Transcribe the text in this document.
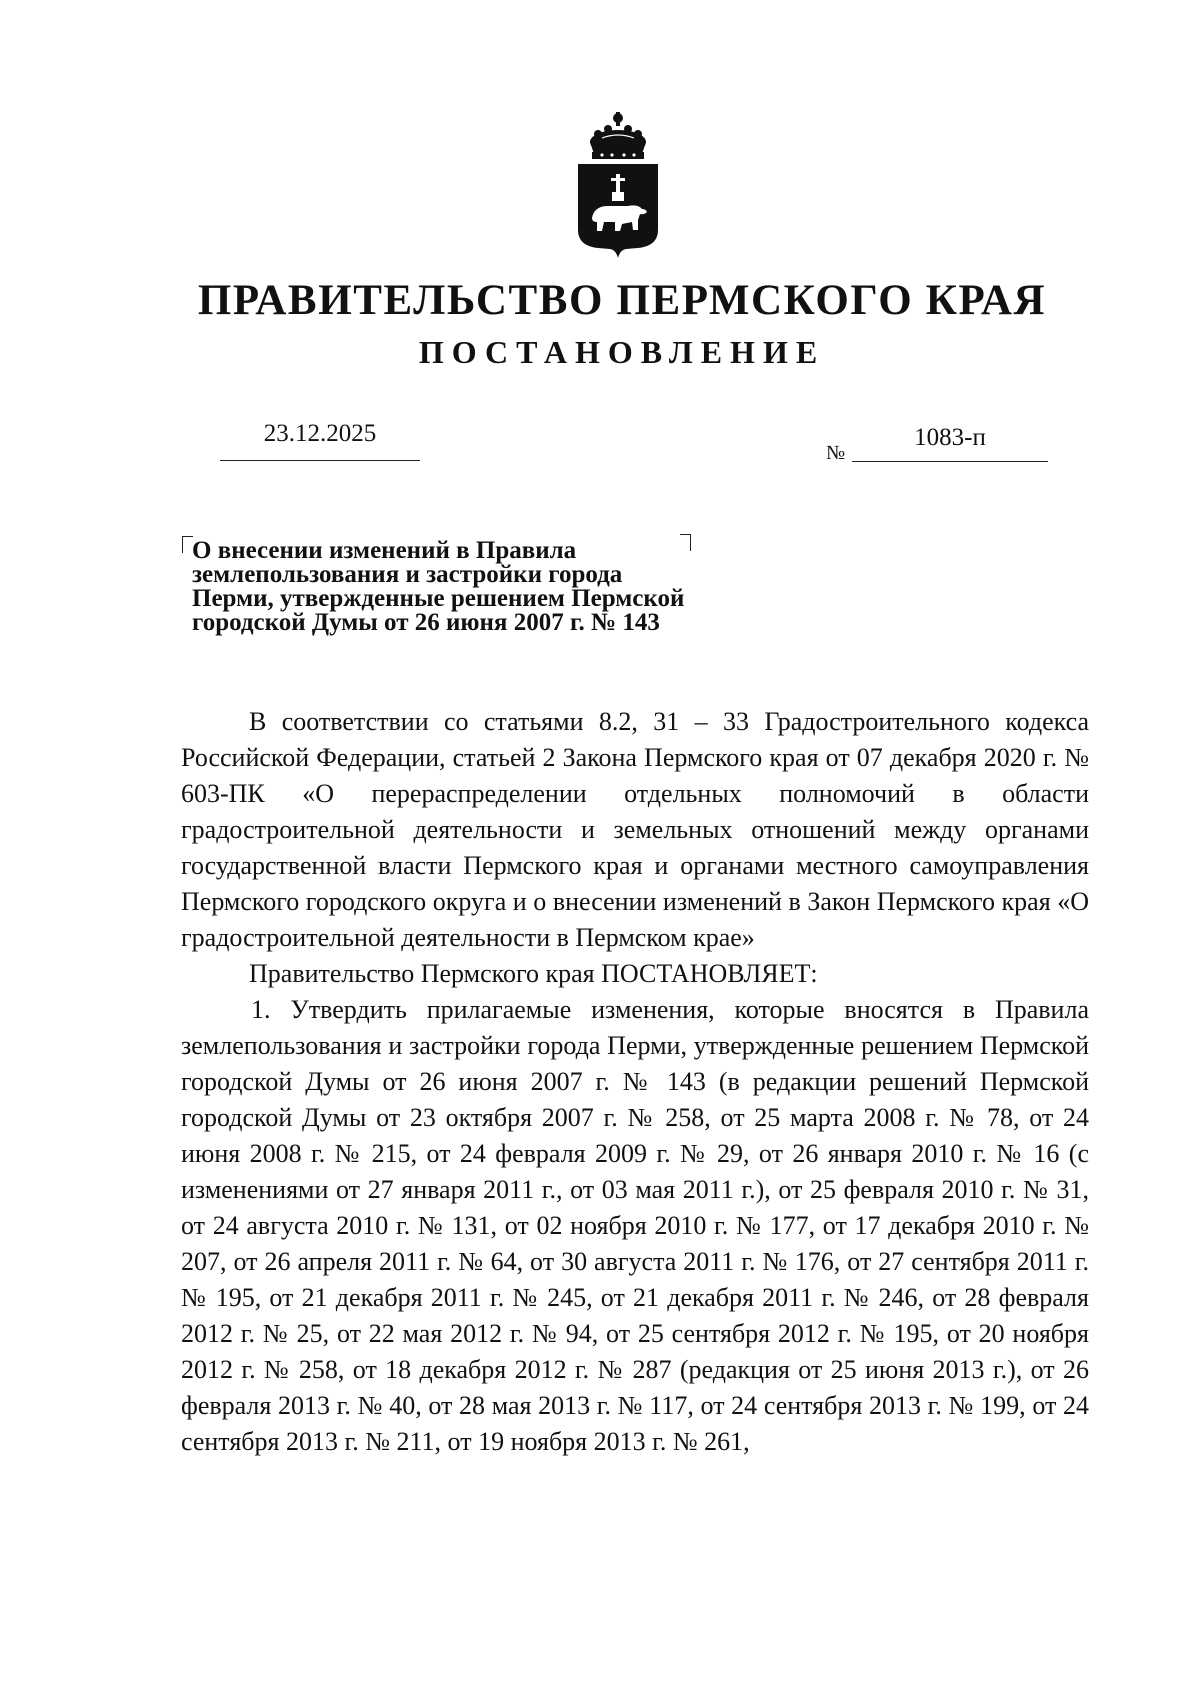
ПРАВИТЕЛЬСТВО ПЕРМСКОГО КРАЯ
ПОСТАНОВЛЕНИЕ
23.12.2025
№
1083-п
О внесении изменений в Правила
землепользования и застройки города
Перми, утвержденные решением Пермской
городской Думы от 26 июня 2007 г. № 143

В соответствии со статьями 8.2, 31 – 33 Градостроительного кодекса Российской Федерации, статьей 2 Закона Пермского края от 07 декабря 2020 г. № 603-ПК «О перераспределении отдельных полномочий в области градостроительной деятельности и земельных отношений между органами государственной власти Пермского края и органами местного самоуправления Пермского городского округа и о внесении изменений в Закон Пермского края «О градостроительной деятельности в Пермском крае»

Правительство Пермского края ПОСТАНОВЛЯЕТ:

1. Утвердить прилагаемые изменения, которые вносятся в Правила землепользования и застройки города Перми, утвержденные решением Пермской городской Думы от 26 июня 2007 г. № 143 (в редакции решений Пермской городской Думы от 23 октября 2007 г. № 258, от 25 марта 2008 г. № 78, от 24 июня 2008 г. № 215, от 24 февраля 2009 г. № 29, от 26 января 2010 г. № 16 (с изменениями от 27 января 2011 г., от 03 мая 2011 г.), от 25 февраля 2010 г. № 31, от 24 августа 2010 г. № 131, от 02 ноября 2010 г. № 177, от 17 декабря 2010 г. № 207, от 26 апреля 2011 г. № 64, от 30 августа 2011 г. № 176, от 27 сентября 2011 г. № 195, от 21 декабря 2011 г. № 245, от 21 декабря 2011 г. № 246, от 28 февраля 2012 г. № 25, от 22 мая 2012 г. № 94, от 25 сентября 2012 г. № 195, от 20 ноября 2012 г. № 258, от 18 декабря 2012 г. № 287 (редакция от 25 июня 2013 г.), от 26 февраля 2013 г. № 40, от 28 мая 2013 г. № 117, от 24 сентября 2013 г. № 199, от 24 сентября 2013 г. № 211, от 19 ноября 2013 г. № 261,
